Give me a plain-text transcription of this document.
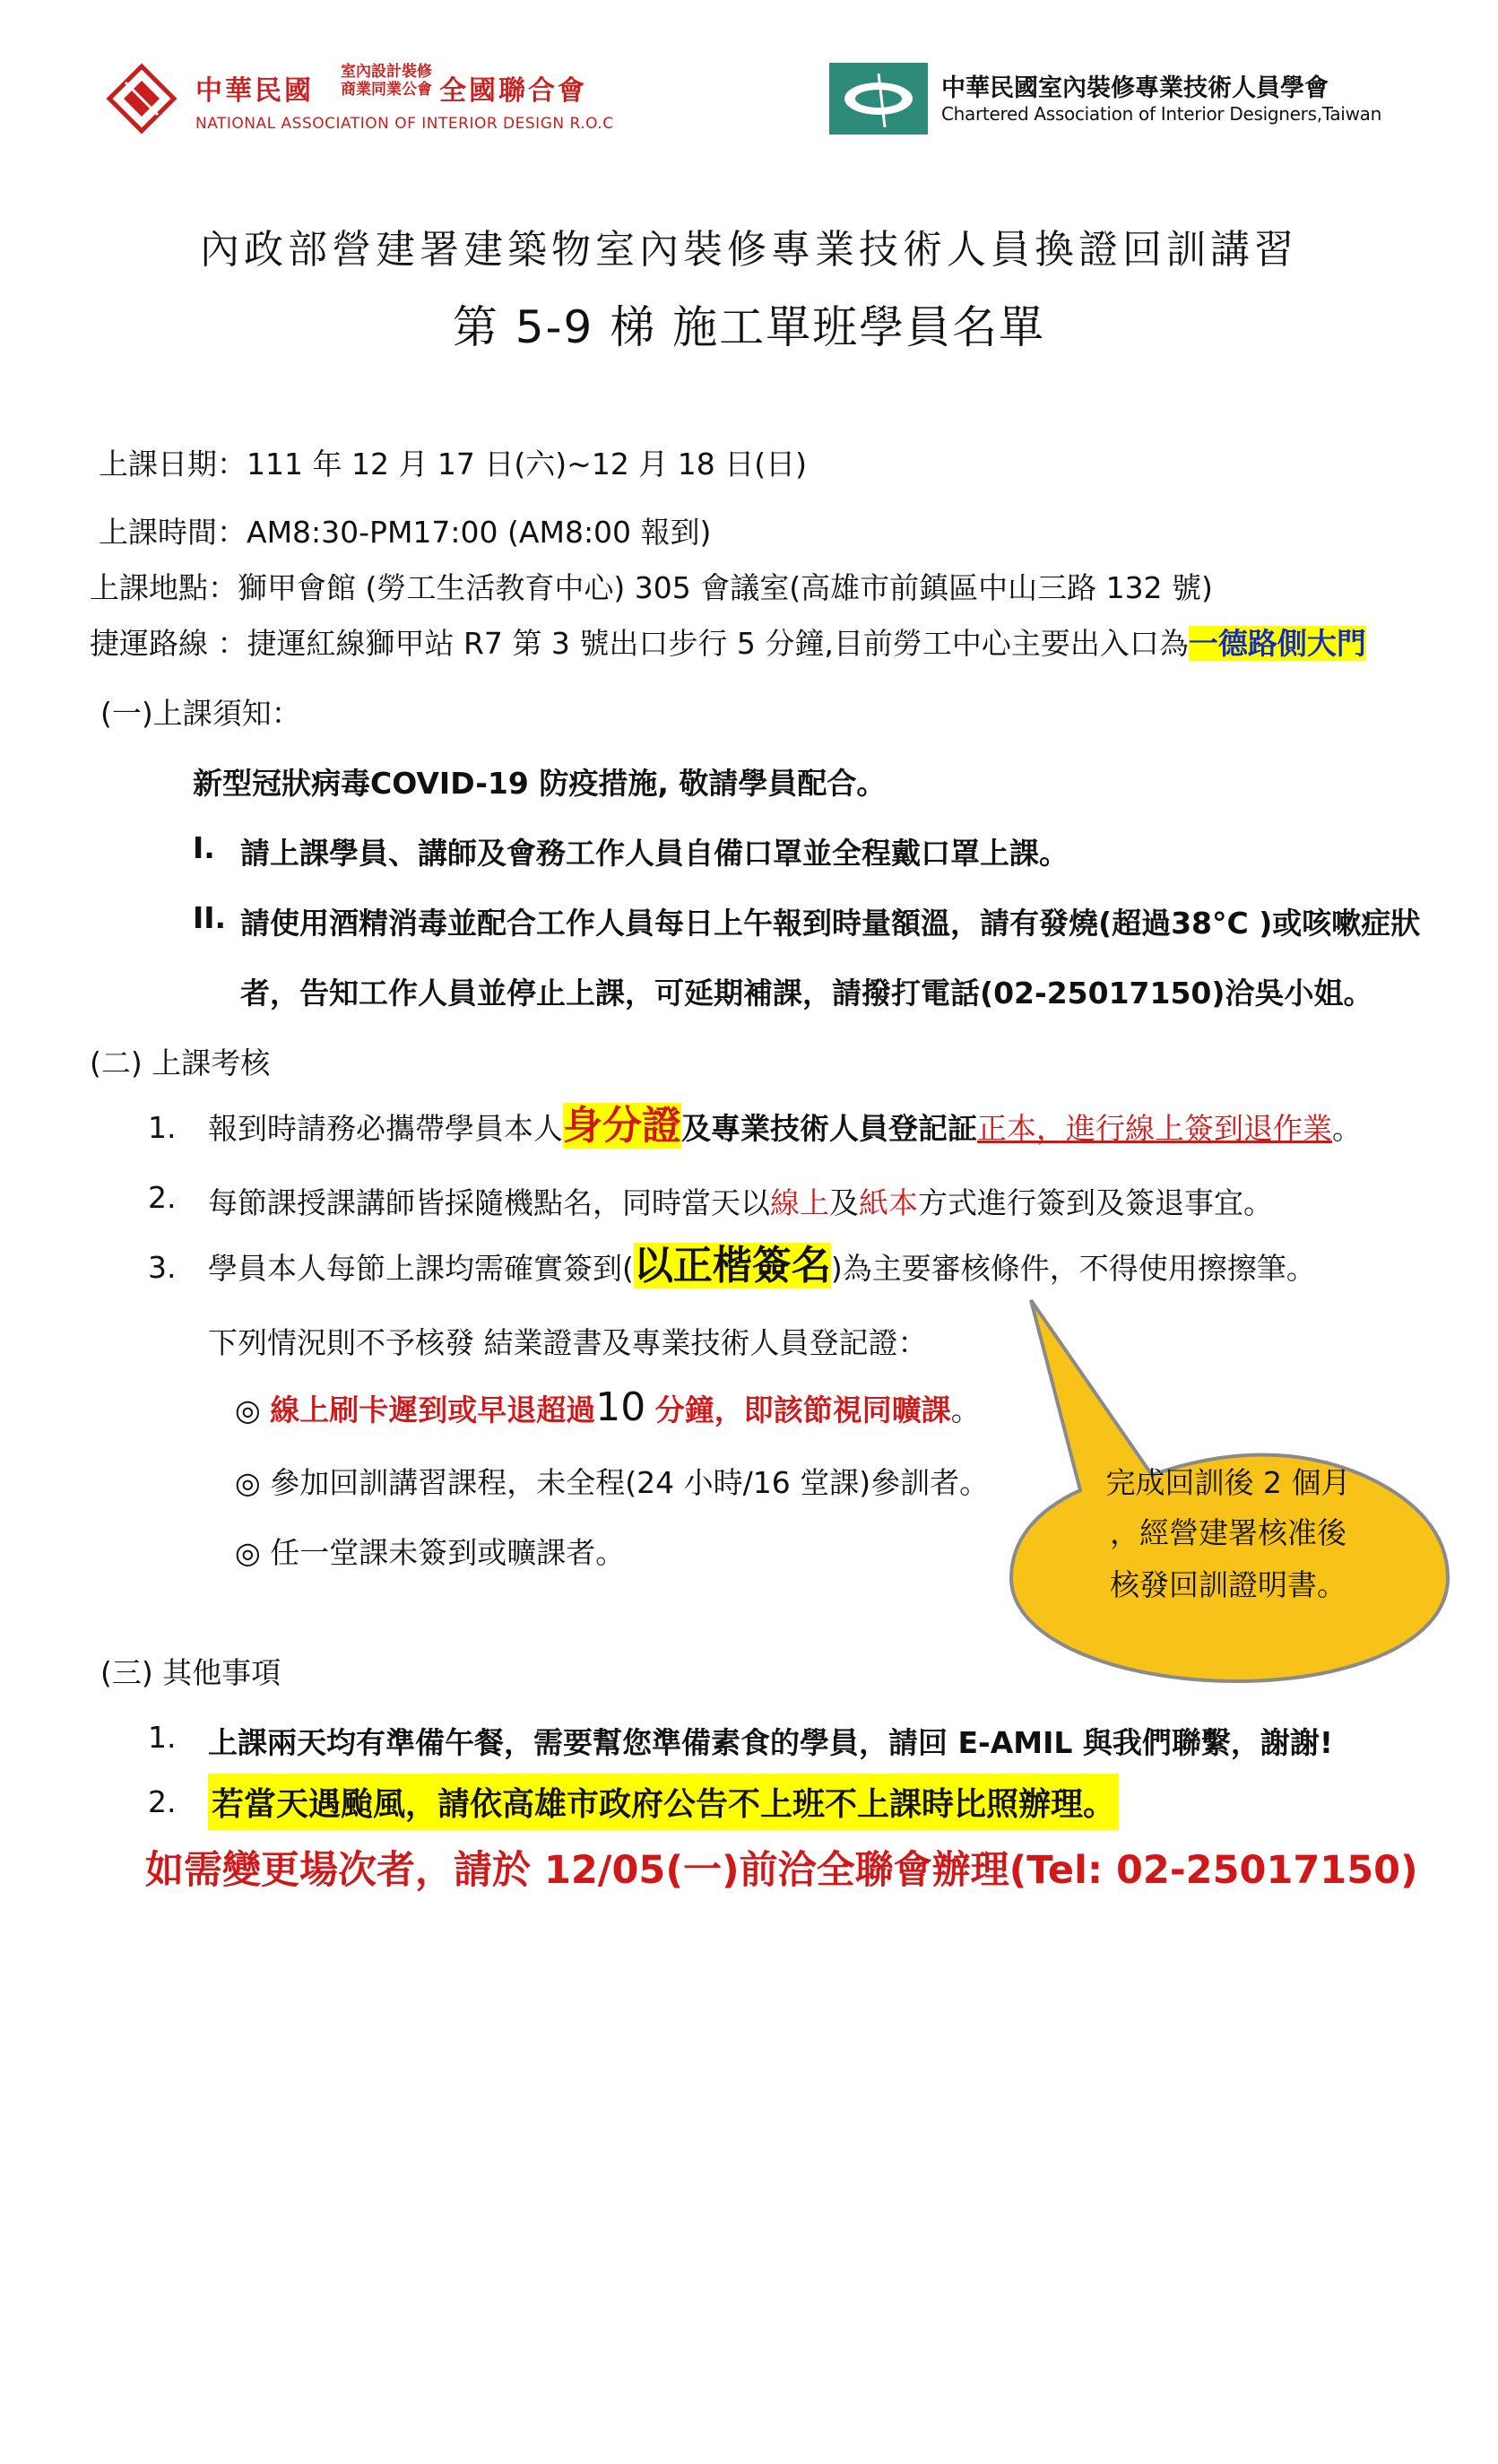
中華民國
室內設計裝修
商業同業公會 全國聯合會
NATIONAL ASSOCIATION OF INTERIOR DESIGN R.O.C
中華民國室內裝修專業技術人員學會
Chartered Association of Interior Designers,Taiwan
內政部營建署建築物室內裝修專業技術人員換證回訓講習
第 5-9 梯 施工單班學員名單
上課日期：111 年 12 月 17 日(六)~12 月 18 日(日)
上課時間：AM8:30-PM17:00 (AM8:00 報到)
上課地點：獅甲會館 (勞工生活教育中心) 305 會議室(高雄市前鎮區中山三路 132 號)
捷運路線 ：捷運紅線獅甲站 R7 第 3 號出口步行 5 分鐘,目前勞工中心主要出入口為一德路側大門
(一)上課須知：
新型冠狀病毒COVID-19 防疫措施, 敬請學員配合。
I. 請上課學員、講師及會務工作人員自備口罩並全程戴口罩上課。
II. 請使用酒精消毒並配合工作人員每日上午報到時量額溫，請有發燒(超過38°C )或咳嗽症狀
者，告知工作人員並停止上課，可延期補課，請撥打電話(02-25017150)洽吳小姐。
(二) 上課考核
1. 報到時請務必攜帶學員本人身分證及專業技術人員登記証正本，進行線上簽到退作業。
2. 每節課授課講師皆採隨機點名，同時當天以線上及紙本方式進行簽到及簽退事宜。
3. 學員本人每節上課均需確實簽到(以正楷簽名)為主要審核條件，不得使用擦擦筆。
下列情況則不予核發 結業證書及專業技術人員登記證：
◎ 線上刷卡遲到或早退超過10 分鐘，即該節視同曠課。
◎ 參加回訓講習課程，未全程(24 小時/16 堂課)參訓者。
◎ 任一堂課未簽到或曠課者。
完成回訓後 2 個月
，經營建署核准後
核發回訓證明書。
(三) 其他事項
1. 上課兩天均有準備午餐，需要幫您準備素食的學員，請回 E-AMIL 與我們聯繫，謝謝!
2. 若當天遇颱風，請依高雄市政府公告不上班不上課時比照辦理。
如需變更場次者，請於 12/05(一)前洽全聯會辦理(Tel: 02-25017150)
